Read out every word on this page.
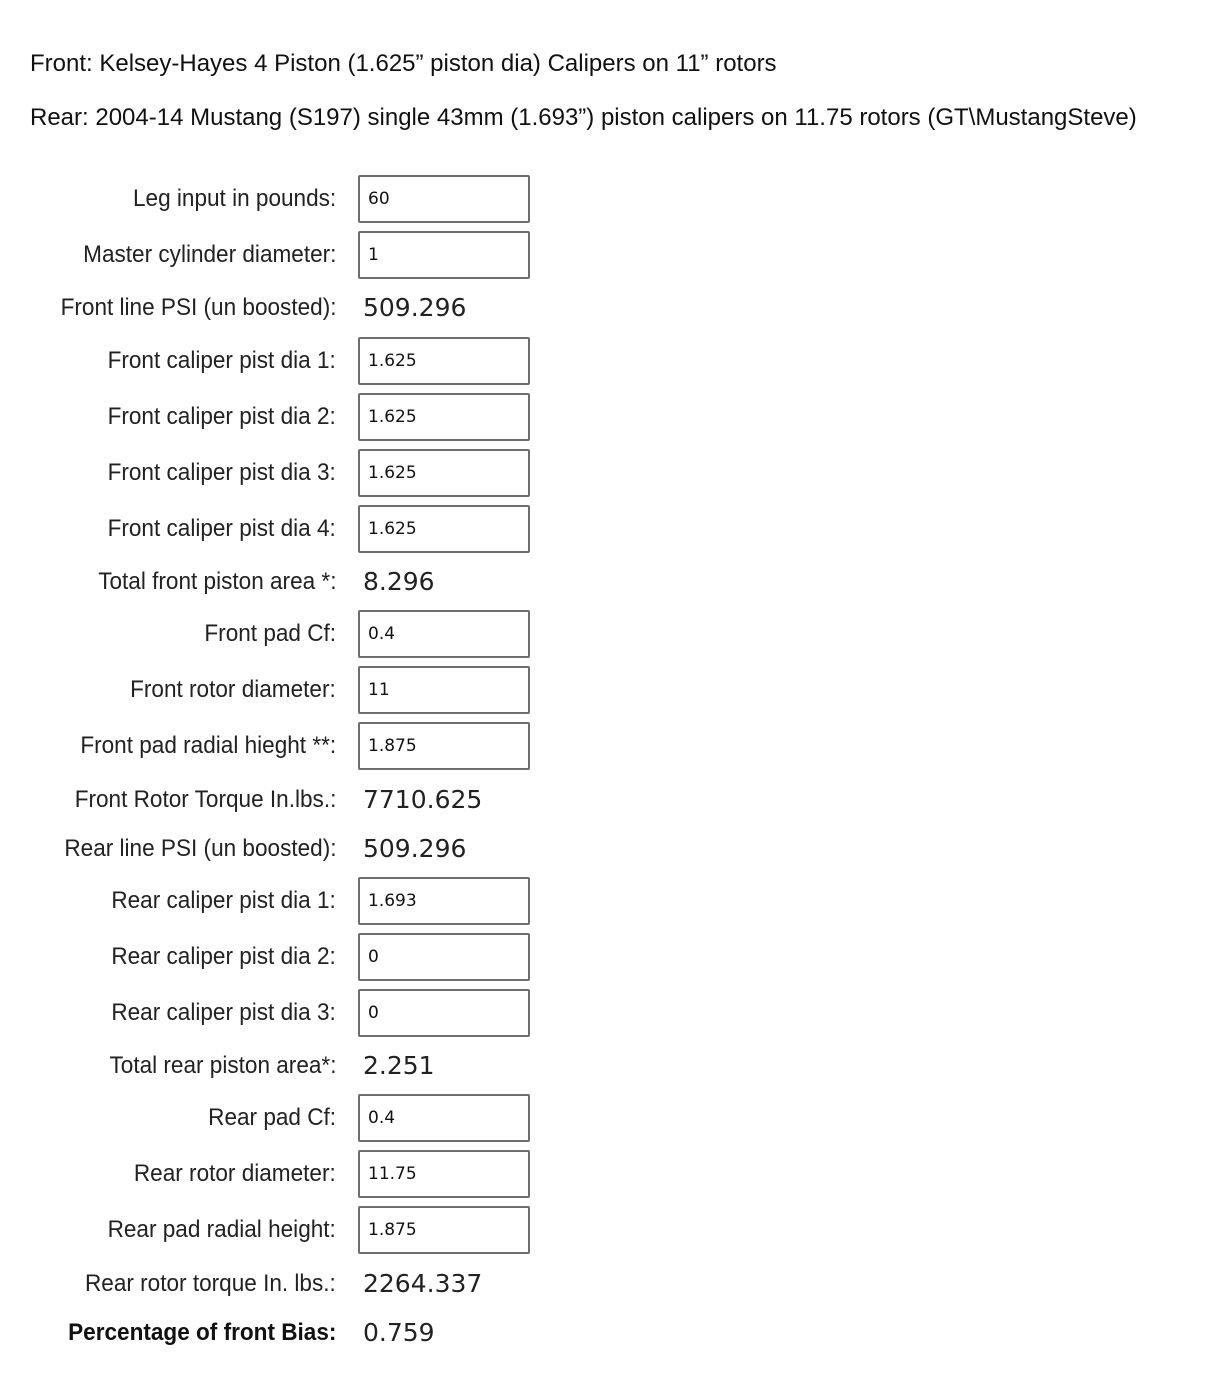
Front: Kelsey-Hayes 4 Piston (1.625” piston dia) Calipers on 11” rotors
Rear: 2004-14 Mustang (S197) single 43mm (1.693”) piston calipers on 11.75 rotors (GT\MustangSteve)
Leg input in pounds:
60
Master cylinder diameter:
1
Front line PSI (un boosted): 509.296
Front caliper pist dia 1:
1.625
Front caliper pist dia 2:
1.625
Front caliper pist dia 3:
1.625
Front caliper pist dia 4:
1.625
Total front piston area *: 8.296
Front pad Cf:
0.4
Front rotor diameter:
11
Front pad radial hieght **:
1.875
Front Rotor Torque In.lbs.: 7710.625
Rear line PSI (un boosted): 509.296
Rear caliper pist dia 1:
1.693
Rear caliper pist dia 2:
0
Rear caliper pist dia 3:
0
Total rear piston area*: 2.251
Rear pad Cf:
0.4
Rear rotor diameter:
11.75
Rear pad radial height:
1.875
Rear rotor torque In. lbs.: 2264.337
Percentage of front Bias: 0.759
